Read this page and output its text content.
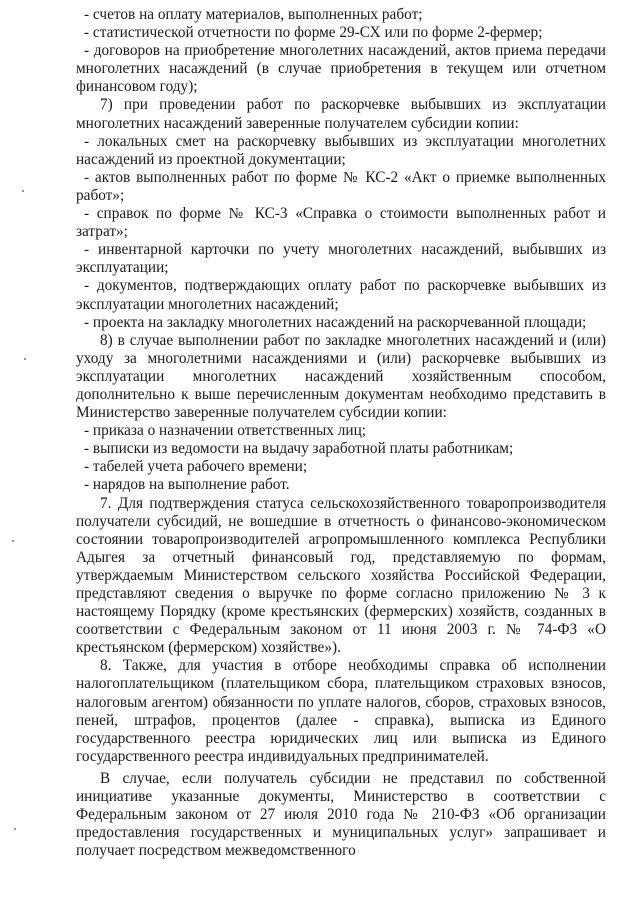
- счетов на оплату материалов, выполненных работ;

- статистической отчетности по форме 29-СХ или по форме 2-фермер;

- договоров на приобретение многолетних насаждений, актов приема передачи многолетних насаждений (в случае приобретения в текущем или отчетном финансовом году);

7) при проведении работ по раскорчевке выбывших из эксплуатации многолетних насаждений заверенные получателем субсидии копии:

- локальных смет на раскорчевку выбывших из эксплуатации многолетних насаждений из проектной документации;

- актов выполненных работ по форме № КС-2 «Акт о приемке выполненных работ»;

- справок по форме № КС-3 «Справка о стоимости выполненных работ и затрат»;

- инвентарной карточки по учету многолетних насаждений, выбывших из эксплуатации;

- документов, подтверждающих оплату работ по раскорчевке выбывших из эксплуатации многолетних насаждений;

- проекта на закладку многолетних насаждений на раскорчеванной площади;

8) в случае выполнении работ по закладке многолетних насаждений и (или) уходу за многолетними насаждениями и (или) раскорчевке выбывших из эксплуатации многолетних насаждений хозяйственным способом, дополнительно к выше перечисленным документам необходимо представить в Министерство заверенные получателем субсидии копии:

- приказа о назначении ответственных лиц;

- выписки из ведомости на выдачу заработной платы работникам;

- табелей учета рабочего времени;

- нарядов на выполнение работ.

7. Для подтверждения статуса сельскохозяйственного товаропроизводителя получатели субсидий, не вошедшие в отчетность о финансово-экономическом состоянии товаропроизводителей агропромышленного комплекса Республики Адыгея за отчетный финансовый год, представляемую по формам, утверждаемым Министерством сельского хозяйства Российской Федерации, представляют сведения о выручке по форме согласно приложению № 3 к настоящему Порядку (кроме крестьянских (фермерских) хозяйств, созданных в соответствии с Федеральным законом от 11 июня 2003 г. № 74-ФЗ «О крестьянском (фермерском) хозяйстве»).

8. Также, для участия в отборе необходимы справка об исполнении налогоплательщиком (плательщиком сбора, плательщиком страховых взносов, налоговым агентом) обязанности по уплате налогов, сборов, страховых взносов, пеней, штрафов, процентов (далее - справка), выписка из Единого государственного реестра юридических лиц или выписка из Единого государственного реестра индивидуальных предпринимателей.

В случае, если получатель субсидии не представил по собственной инициативе указанные документы, Министерство в соответствии с Федеральным законом от 27 июля 2010 года № 210-ФЗ «Об организации предоставления государственных и муниципальных услуг» запрашивает и получает посредством межведомственного
